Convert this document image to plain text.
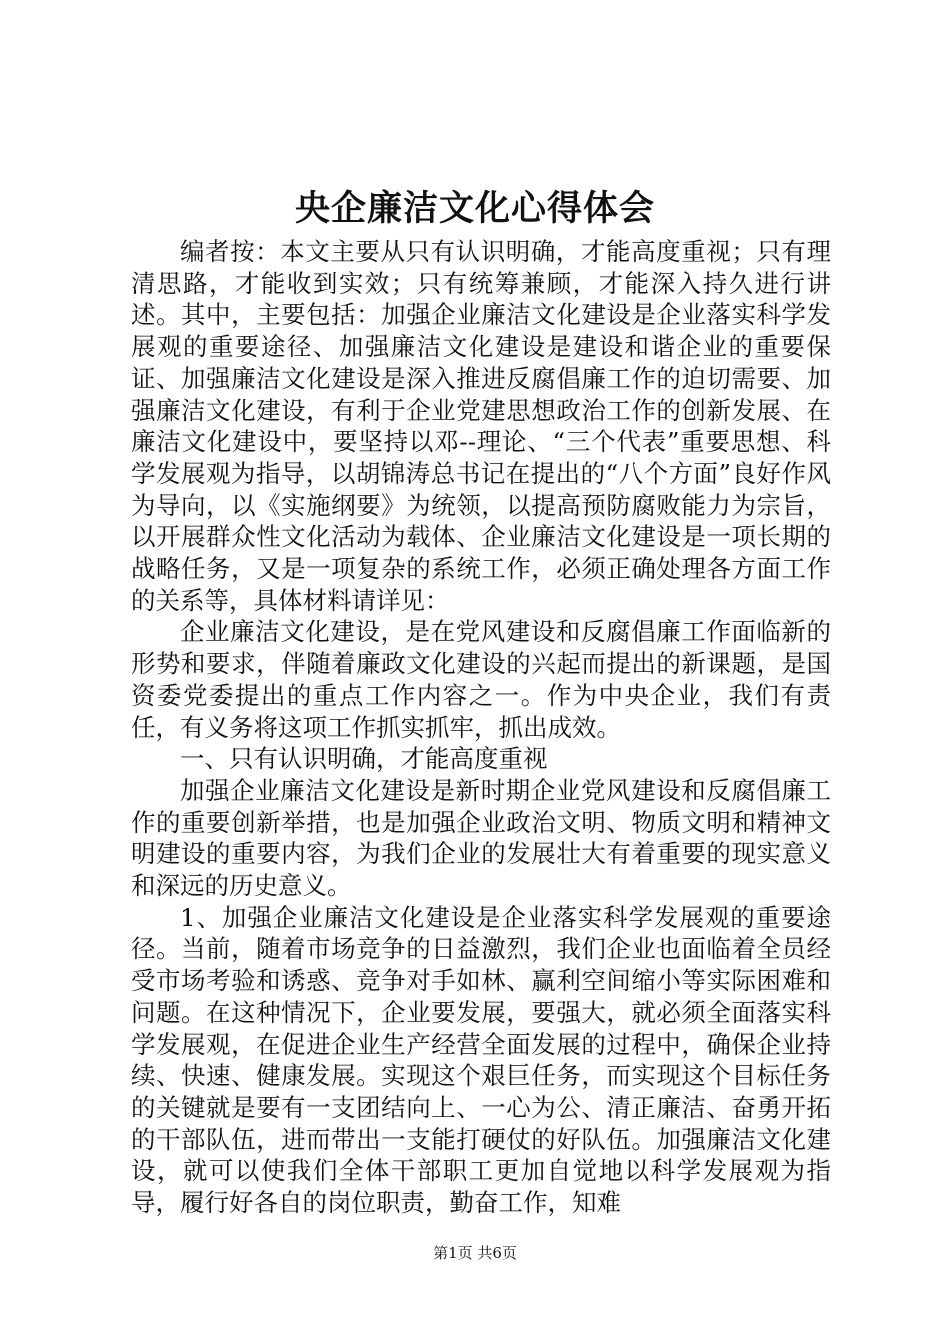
央企廉洁文化心得体会

编者按：本文主要从只有认识明确，才能高度重视；只有理清思路，才能收到实效；只有统筹兼顾，才能深入持久进行讲述。其中，主要包括：加强企业廉洁文化建设是企业落实科学发展观的重要途径、加强廉洁文化建设是建设和谐企业的重要保证、加强廉洁文化建设是深入推进反腐倡廉工作的迫切需要、加强廉洁文化建设，有利于企业党建思想政治工作的创新发展、在廉洁文化建设中，要坚持以邓--理论、“三个代表”重要思想、科学发展观为指导，以胡锦涛总书记在提出的“八个方面”良好作风为导向，以《实施纲要》为统领，以提高预防腐败能力为宗旨，以开展群众性文化活动为载体、企业廉洁文化建设是一项长期的战略任务，又是一项复杂的系统工作，必须正确处理各方面工作的关系等，具体材料请详见：

企业廉洁文化建设，是在党风建设和反腐倡廉工作面临新的形势和要求，伴随着廉政文化建设的兴起而提出的新课题，是国资委党委提出的重点工作内容之一。作为中央企业，我们有责任，有义务将这项工作抓实抓牢，抓出成效。

一、只有认识明确，才能高度重视

加强企业廉洁文化建设是新时期企业党风建设和反腐倡廉工作的重要创新举措，也是加强企业政治文明、物质文明和精神文明建设的重要内容，为我们企业的发展壮大有着重要的现实意义和深远的历史意义。

1、加强企业廉洁文化建设是企业落实科学发展观的重要途径。当前，随着市场竞争的日益激烈，我们企业也面临着全员经受市场考验和诱惑、竞争对手如林、赢利空间缩小等实际困难和问题。在这种情况下，企业要发展，要强大，就必须全面落实科学发展观，在促进企业生产经营全面发展的过程中，确保企业持续、快速、健康发展。实现这个艰巨任务，而实现这个目标任务的关键就是要有一支团结向上、一心为公、清正廉洁、奋勇开拓的干部队伍，进而带出一支能打硬仗的好队伍。加强廉洁文化建设，就可以使我们全体干部职工更加自觉地以科学发展观为指导，履行好各自的岗位职责，勤奋工作，知难

第1页 共6页
